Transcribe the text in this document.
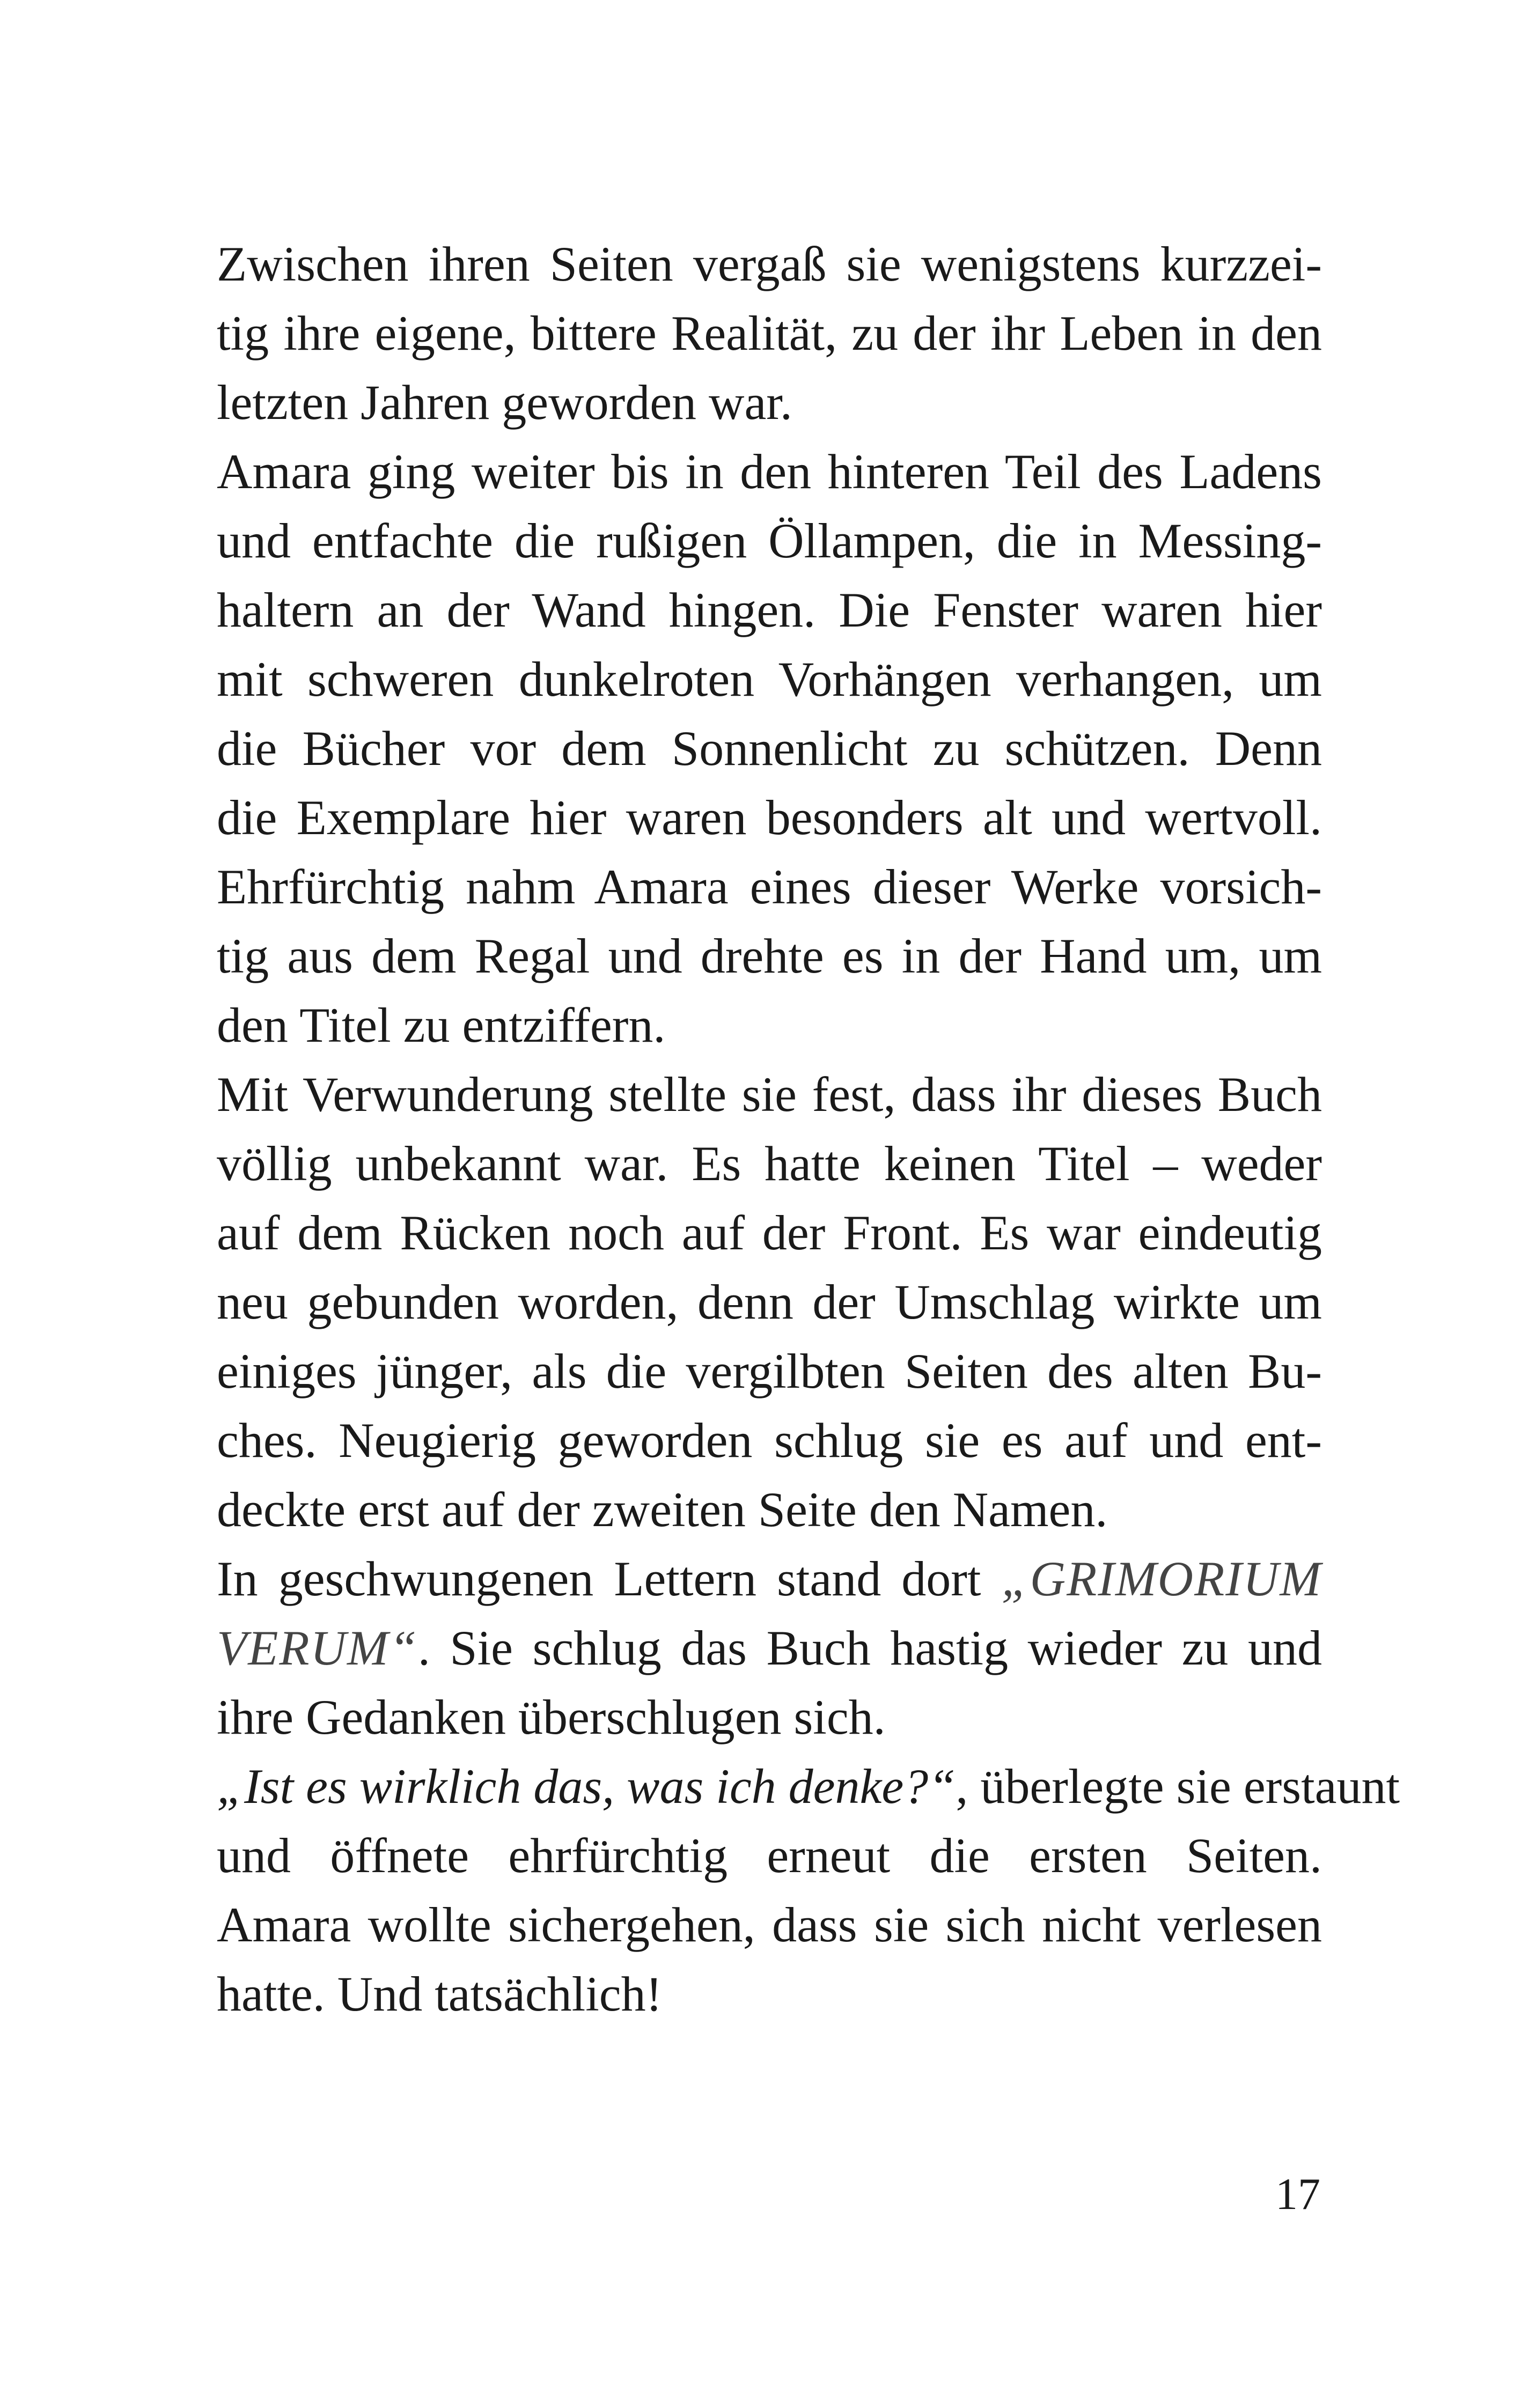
Zwischen ihren Seiten vergaß sie wenigstens kurzzei-
tig ihre eigene, bittere Realität, zu der ihr Leben in den
letzten Jahren geworden war.
Amara ging weiter bis in den hinteren Teil des Ladens
und entfachte die rußigen Öllampen, die in Messing-
haltern an der Wand hingen. Die Fenster waren hier
mit schweren dunkelroten Vorhängen verhangen, um
die Bücher vor dem Sonnenlicht zu schützen. Denn
die Exemplare hier waren besonders alt und wertvoll.
Ehrfürchtig nahm Amara eines dieser Werke vorsich-
tig aus dem Regal und drehte es in der Hand um, um
den Titel zu entziffern.
Mit Verwunderung stellte sie fest, dass ihr dieses Buch
völlig unbekannt war. Es hatte keinen Titel – weder
auf dem Rücken noch auf der Front. Es war eindeutig
neu gebunden worden, denn der Umschlag wirkte um
einiges jünger, als die vergilbten Seiten des alten Bu-
ches. Neugierig geworden schlug sie es auf und ent-
deckte erst auf der zweiten Seite den Namen.
In geschwungenen Lettern stand dort „GRIMORIUM
VERUM“. Sie schlug das Buch hastig wieder zu und
ihre Gedanken überschlugen sich.
„Ist es wirklich das, was ich denke?“, überlegte sie erstaunt
und öffnete ehrfürchtig erneut die ersten Seiten.
Amara wollte sichergehen, dass sie sich nicht verlesen
hatte. Und tatsächlich!
17
